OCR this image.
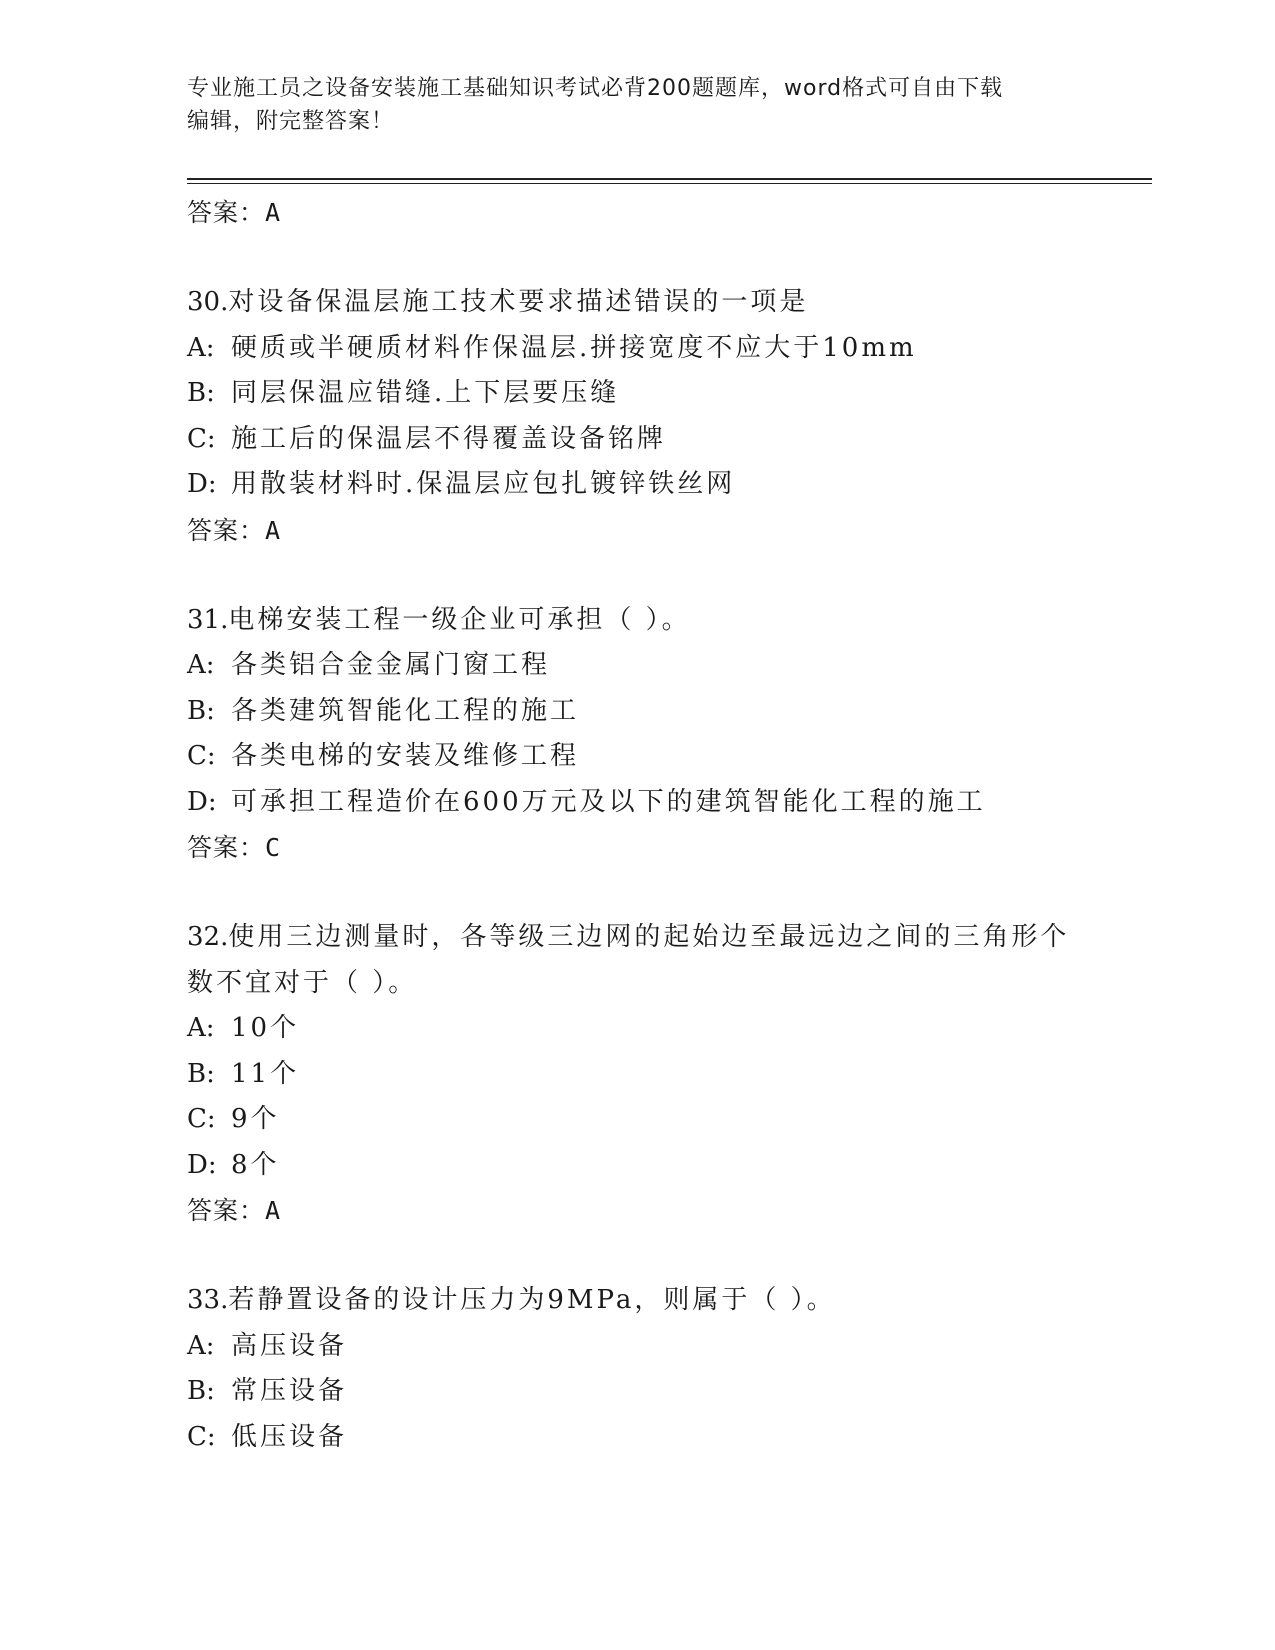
专业施工员之设备安装施工基础知识考试必背200题题库，word格式可自由下载
编辑，附完整答案！
答案：A

30.对设备保温层施工技术要求描述错误的一项是

A: 硬质或半硬质材料作保温层.拼接宽度不应大于10mm

B: 同层保温应错缝.上下层要压缝

C: 施工后的保温层不得覆盖设备铭牌

D: 用散装材料时.保温层应包扎镀锌铁丝网

答案：A

31.电梯安装工程一级企业可承担（ ）。

A: 各类铝合金金属门窗工程

B: 各类建筑智能化工程的施工

C: 各类电梯的安装及维修工程

D: 可承担工程造价在600万元及以下的建筑智能化工程的施工

答案：C

32.使用三边测量时，各等级三边网的起始边至最远边之间的三角形个

数不宜对于（ ）。

A: 10个

B: 11个

C: 9个

D: 8个

答案：A

33.若静置设备的设计压力为9MPa，则属于（ ）。

A: 高压设备

B: 常压设备

C: 低压设备
